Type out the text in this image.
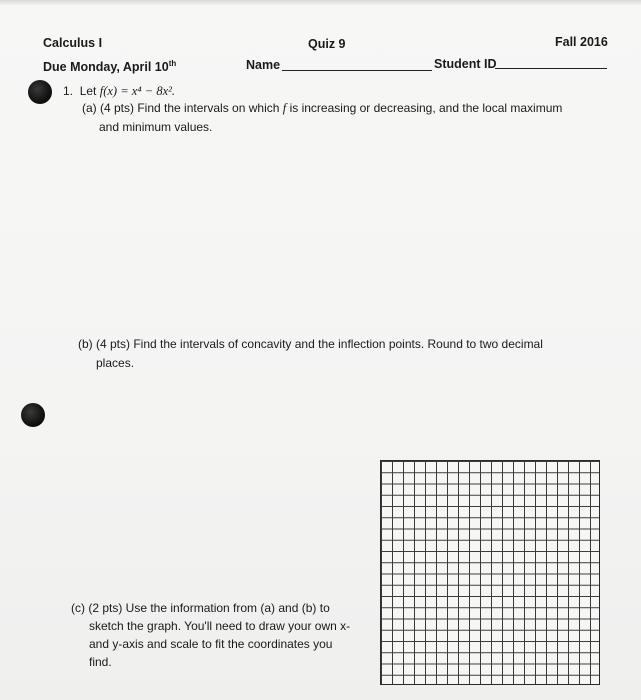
Calculus I	Quiz 9	Fall 2016
Due Monday, April 10th	Name	Student ID
1. Let f(x) = x⁴ − 8x².
(a) (4 pts) Find the intervals on which f is increasing or decreasing, and the local maximum
and minimum values.
(b) (4 pts) Find the intervals of concavity and the inflection points. Round to two decimal
places.
(c) (2 pts) Use the information from (a) and (b) to
sketch the graph. You'll need to draw your own x-
and y-axis and scale to fit the coordinates you
find.
